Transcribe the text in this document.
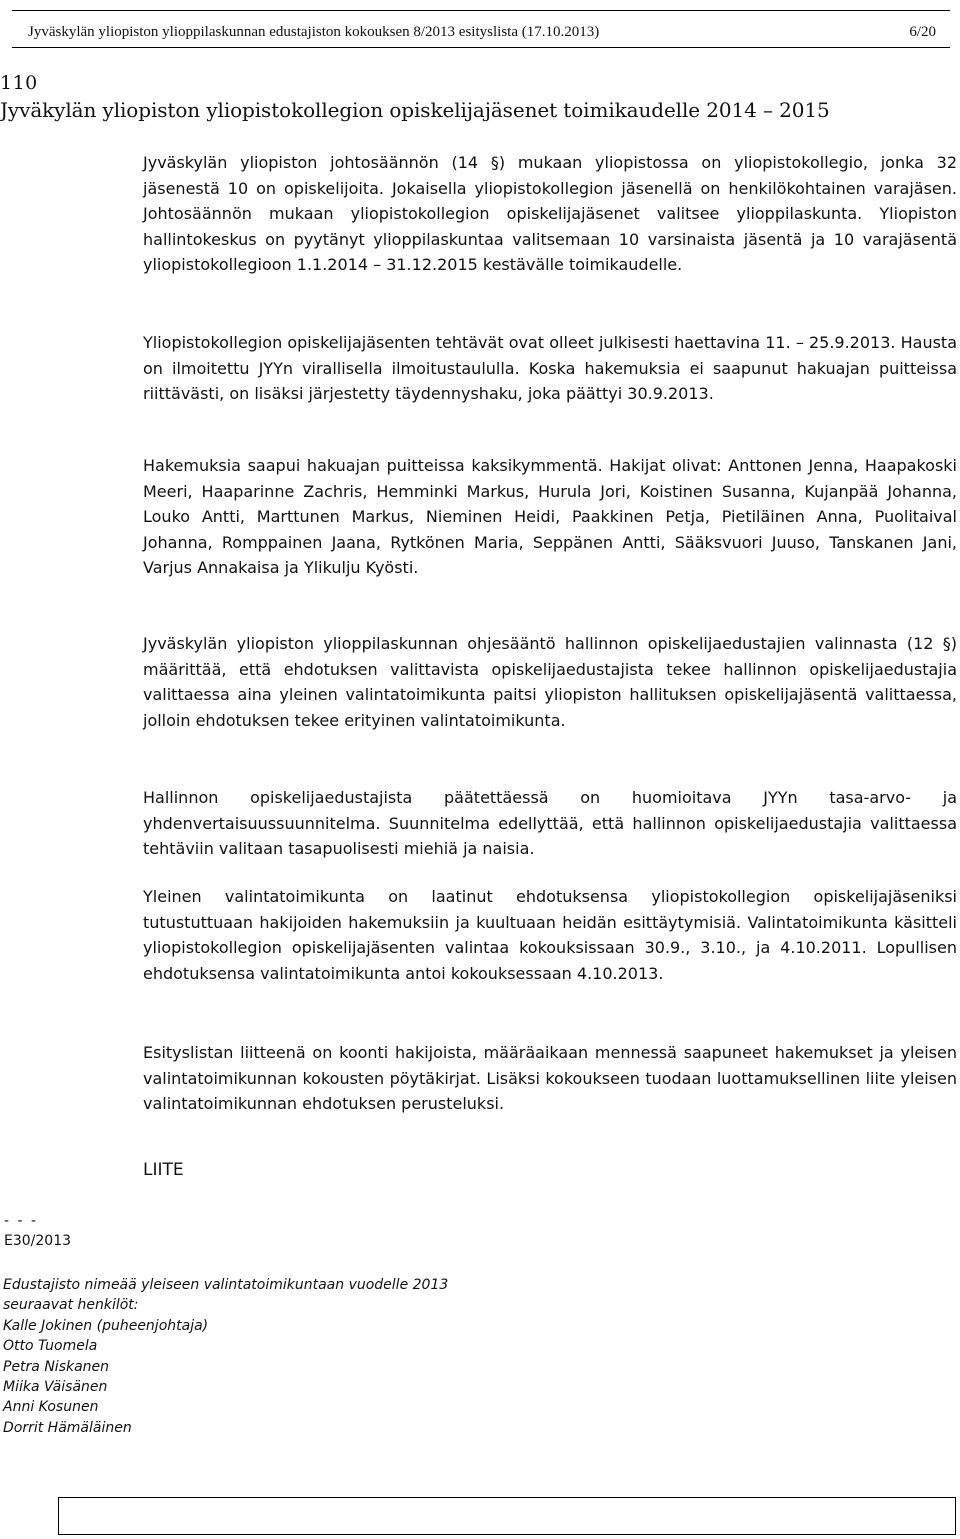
Jyväskylän yliopiston ylioppilaskunnan edustajiston kokouksen 8/2013 esityslista (17.10.2013)	6/20
110
Jyväkylän yliopiston yliopistokollegion opiskelijajäsenet toimikaudelle 2014 – 2015

Jyväskylän yliopiston johtosäännön (14 §) mukaan yliopistossa on yliopistokollegio, jonka 32 jäsenestä 10 on opiskelijoita. Jokaisella yliopistokollegion jäsenellä on henkilökohtainen varajäsen. Johtosäännön mukaan yliopistokollegion opiskelijajäsenet valitsee ylioppilaskunta. Yliopiston hallintokeskus on pyytänyt ylioppilaskuntaa valitsemaan 10 varsinaista jäsentä ja 10 varajäsentä yliopistokollegioon 1.1.2014 – 31.12.2015 kestävälle toimikaudelle.

Yliopistokollegion opiskelijajäsenten tehtävät ovat olleet julkisesti haettavina 11. – 25.9.2013. Hausta on ilmoitettu JYYn virallisella ilmoitustaululla. Koska hakemuksia ei saapunut hakuajan puitteissa riittävästi, on lisäksi järjestetty täydennyshaku, joka päättyi 30.9.2013.

Hakemuksia saapui hakuajan puitteissa kaksikymmentä. Hakijat olivat: Anttonen Jenna, Haapakoski Meeri, Haaparinne Zachris, Hemminki Markus, Hurula Jori, Koistinen Susanna, Kujanpää Johanna, Louko Antti, Marttunen Markus, Nieminen Heidi, Paakkinen Petja, Pietiläinen Anna, Puolitaival Johanna, Romppainen Jaana, Rytkönen Maria, Seppänen Antti, Sääksvuori Juuso, Tanskanen Jani, Varjus Annakaisa ja Ylikulju Kyösti.

Jyväskylän yliopiston ylioppilaskunnan ohjesääntö hallinnon opiskelijaedustajien valinnasta (12 §) määrittää, että ehdotuksen valittavista opiskelijaedustajista tekee hallinnon opiskelijaedustajia valittaessa aina yleinen valintatoimikunta paitsi yliopiston hallituksen opiskelijajäsentä valittaessa, jolloin ehdotuksen tekee erityinen valintatoimikunta.

Hallinnon opiskelijaedustajista päätettäessä on huomioitava JYYn tasa-arvo- ja yhdenvertaisuussuunnitelma. Suunnitelma edellyttää, että hallinnon opiskelijaedustajia valittaessa tehtäviin valitaan tasapuolisesti miehiä ja naisia.

Yleinen valintatoimikunta on laatinut ehdotuksensa yliopistokollegion opiskelijajäseniksi tutustuttuaan hakijoiden hakemuksiin ja kuultuaan heidän esittäytymisiä. Valintatoimikunta käsitteli yliopistokollegion opiskelijajäsenten valintaa kokouksissaan 30.9., 3.10., ja 4.10.2011. Lopullisen ehdotuksensa valintatoimikunta antoi kokouksessaan 4.10.2013.

Esityslistan liitteenä on koonti hakijoista, määräaikaan mennessä saapuneet hakemukset ja yleisen valintatoimikunnan kokousten pöytäkirjat. Lisäksi kokoukseen tuodaan luottamuksellinen liite yleisen valintatoimikunnan ehdotuksen perusteluksi.

LIITE
- - -
E30/2013
Edustajisto nimeää yleiseen valintatoimikuntaan vuodelle 2013
seuraavat henkilöt:
Kalle Jokinen (puheenjohtaja)
Otto Tuomela
Petra Niskanen
Miika Väisänen
Anni Kosunen
Dorrit Hämäläinen
